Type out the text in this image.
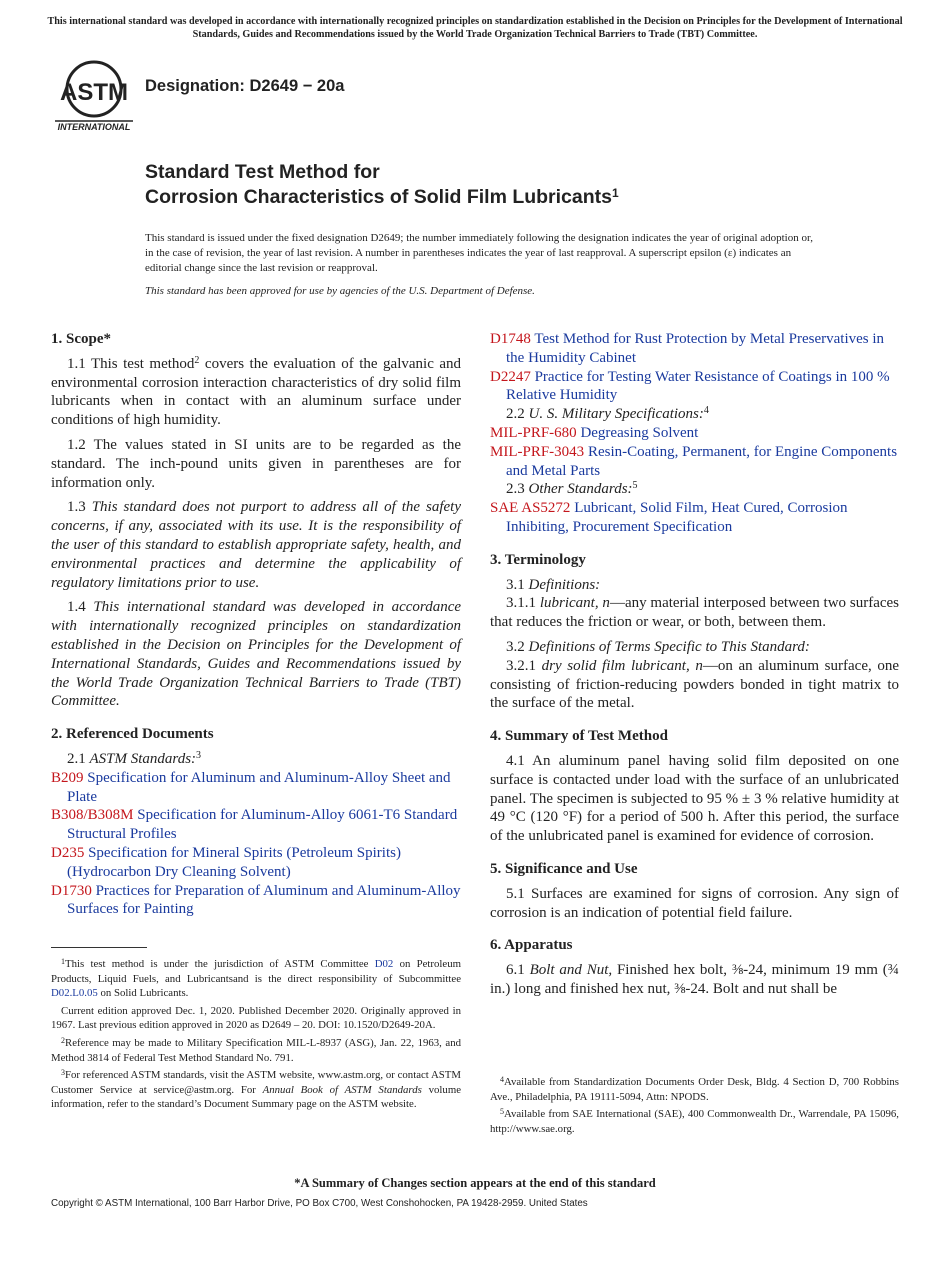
This international standard was developed in accordance with internationally recognized principles on standardization established in the Decision on Principles for the Development of International Standards, Guides and Recommendations issued by the World Trade Organization Technical Barriers to Trade (TBT) Committee.
ASTM
INTERNATIONAL
Designation: D2649 − 20a
Standard Test Method for
Corrosion Characteristics of Solid Film Lubricants$^1$
This standard is issued under the fixed designation D2649; the number immediately following the designation indicates the year of original adoption or, in the case of revision, the year of last revision. A number in parentheses indicates the year of last reapproval. A superscript epsilon (ε) indicates an editorial change since the last revision or reapproval.
This standard has been approved for use by agencies of the U.S. Department of Defense.

1. Scope*

1.1 This test method$^2$ covers the evaluation of the galvanic and environmental corrosion interaction characteristics of dry solid film lubricants when in contact with an aluminum surface under conditions of high humidity.

1.2 The values stated in SI units are to be regarded as the standard. The inch-pound units given in parentheses are for information only.

1.3 This standard does not purport to address all of the safety concerns, if any, associated with its use. It is the responsibility of the user of this standard to establish appropriate safety, health, and environmental practices and determine the applicability of regulatory limitations prior to use.

1.4 This international standard was developed in accordance with internationally recognized principles on standardization established in the Decision on Principles for the Development of International Standards, Guides and Recommendations issued by the World Trade Organization Technical Barriers to Trade (TBT) Committee.

2. Referenced Documents

2.1 ASTM Standards:$^3$

B209 Specification for Aluminum and Aluminum-Alloy Sheet and Plate

B308/B308M Specification for Aluminum-Alloy 6061-T6 Standard Structural Profiles

D235 Specification for Mineral Spirits (Petroleum Spirits) (Hydrocarbon Dry Cleaning Solvent)

D1730 Practices for Preparation of Aluminum and Aluminum-Alloy Surfaces for Painting

D1748 Test Method for Rust Protection by Metal Preservatives in the Humidity Cabinet

D2247 Practice for Testing Water Resistance of Coatings in 100 % Relative Humidity

2.2 U. S. Military Specifications:$^4$

MIL-PRF-680 Degreasing Solvent

MIL-PRF-3043 Resin-Coating, Permanent, for Engine Components and Metal Parts

2.3 Other Standards:$^5$

SAE AS5272 Lubricant, Solid Film, Heat Cured, Corrosion Inhibiting, Procurement Specification

3. Terminology

3.1 Definitions:

3.1.1 lubricant, n—any material interposed between two surfaces that reduces the friction or wear, or both, between them.

3.2 Definitions of Terms Specific to This Standard:

3.2.1 dry solid film lubricant, n—on an aluminum surface, one consisting of friction-reducing powders bonded in tight matrix to the surface of the metal.

4. Summary of Test Method

4.1 An aluminum panel having solid film deposited on one surface is contacted under load with the surface of an unlubricated panel. The specimen is subjected to 95 % ± 3 % relative humidity at 49 °C (120 °F) for a period of 500 h. After this period, the surface of the unlubricated panel is examined for evidence of corrosion.

5. Significance and Use

5.1 Surfaces are examined for signs of corrosion. Any sign of corrosion is an indication of potential field failure.

6. Apparatus

6.1 Bolt and Nut, Finished hex bolt, ⅜-24, minimum 19 mm (¾ in.) long and finished hex nut, ⅜-24. Bolt and nut shall be

$^1$This test method is under the jurisdiction of ASTM Committee D02 on Petroleum Products, Liquid Fuels, and Lubricantsand is the direct responsibility of Subcommittee D02.L0.05 on Solid Lubricants.

Current edition approved Dec. 1, 2020. Published December 2020. Originally approved in 1967. Last previous edition approved in 2020 as D2649 – 20. DOI: 10.1520/D2649-20A.

$^2$Reference may be made to Military Specification MIL-L-8937 (ASG), Jan. 22, 1963, and Method 3814 of Federal Test Method Standard No. 791.

$^3$For referenced ASTM standards, visit the ASTM website, www.astm.org, or contact ASTM Customer Service at service@astm.org. For Annual Book of ASTM Standards volume information, refer to the standard’s Document Summary page on the ASTM website.

$^4$Available from Standardization Documents Order Desk, Bldg. 4 Section D, 700 Robbins Ave., Philadelphia, PA 19111-5094, Attn: NPODS.

$^5$Available from SAE International (SAE), 400 Commonwealth Dr., Warrendale, PA 15096, http://www.sae.org.

*A Summary of Changes section appears at the end of this standard
Copyright © ASTM International, 100 Barr Harbor Drive, PO Box C700, West Conshohocken, PA 19428-2959. United States
